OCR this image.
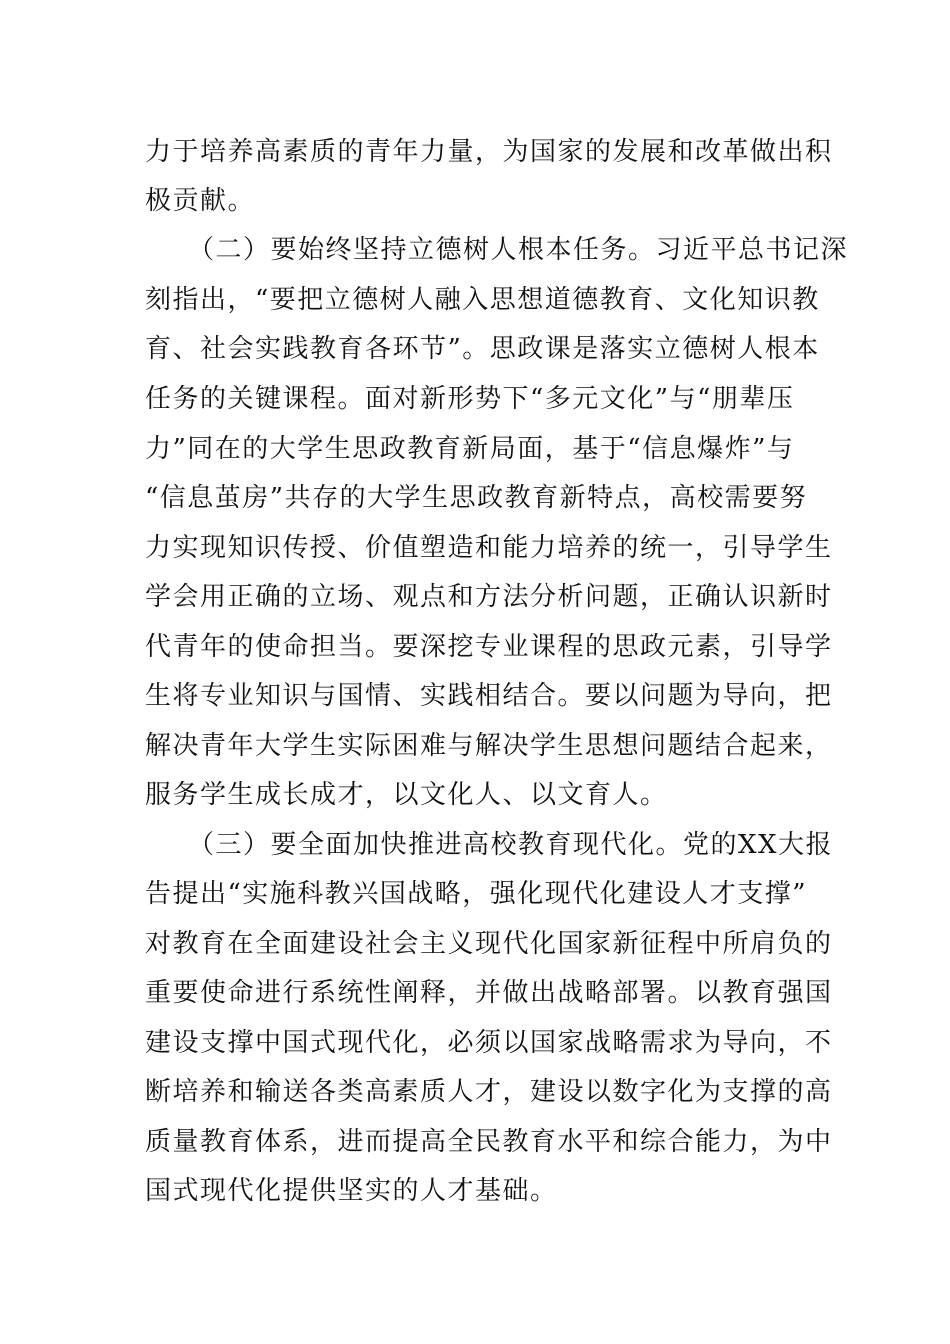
力于培养高素质的青年力量，为国家的发展和改革做出积
极贡献。
（二）要始终坚持立德树人根本任务。习近平总书记深
刻指出，“要把立德树人融入思想道德教育、文化知识教
育、社会实践教育各环节”。思政课是落实立德树人根本
任务的关键课程。面对新形势下“多元文化”与“朋辈压
力”同在的大学生思政教育新局面，基于“信息爆炸”与
“信息茧房”共存的大学生思政教育新特点，高校需要努
力实现知识传授、价值塑造和能力培养的统一，引导学生
学会用正确的立场、观点和方法分析问题，正确认识新时
代青年的使命担当。要深挖专业课程的思政元素，引导学
生将专业知识与国情、实践相结合。要以问题为导向，把
解决青年大学生实际困难与解决学生思想问题结合起来，
服务学生成长成才，以文化人、以文育人。
（三）要全面加快推进高校教育现代化。党的XX大报
告提出“实施科教兴国战略，强化现代化建设人才支撑”
对教育在全面建设社会主义现代化国家新征程中所肩负的
重要使命进行系统性阐释，并做出战略部署。以教育强国
建设支撑中国式现代化，必须以国家战略需求为导向，不
断培养和输送各类高素质人才，建设以数字化为支撑的高
质量教育体系，进而提高全民教育水平和综合能力，为中
国式现代化提供坚实的人才基础。
